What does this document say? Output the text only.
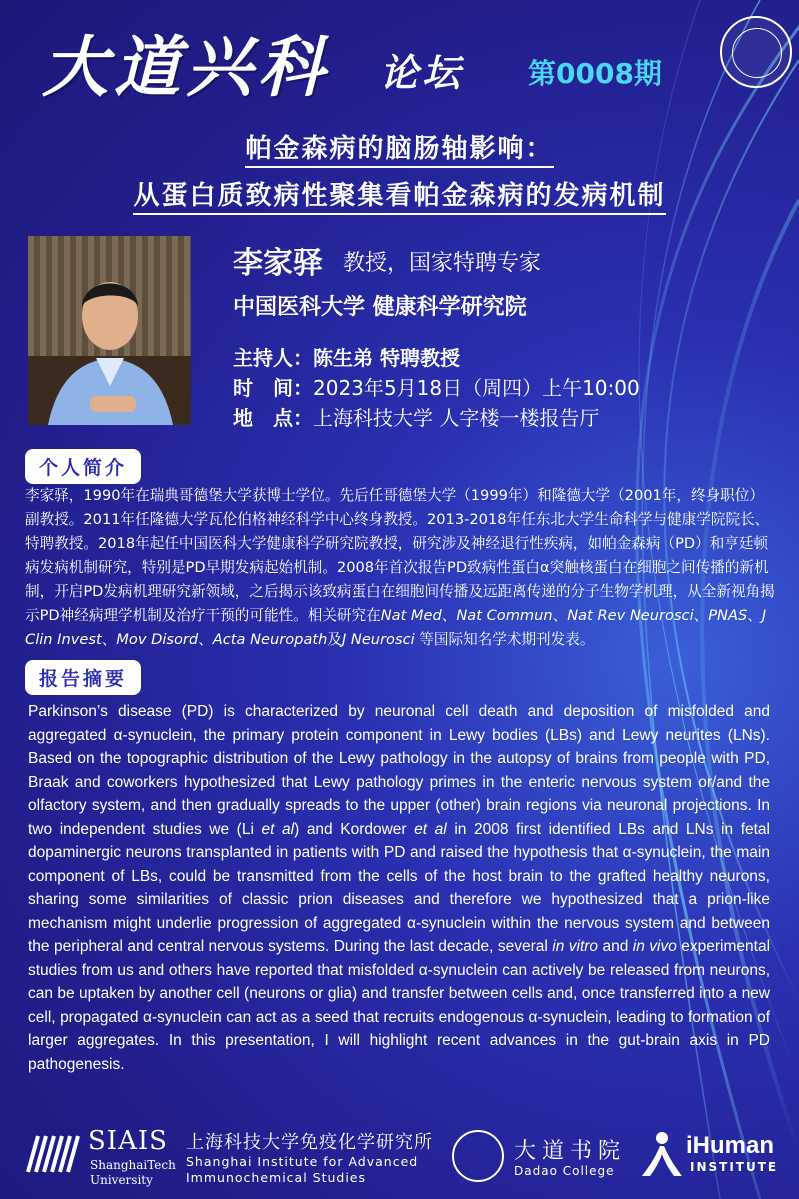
大道兴科 论坛 第0008期
帕金森病的脑肠轴影响：
从蛋白质致病性聚集看帕金森病的发病机制
李家驿 教授，国家特聘专家
中国医科大学 健康科学研究院
主持人：陈生弟 特聘教授
时　间：2023年5月18日（周四）上午10:00
地　点：上海科技大学 人字楼一楼报告厅
个人简介
李家驿，1990年在瑞典哥德堡大学获博士学位。先后任哥德堡大学（1999年）和隆德大学（2001年，终身职位）副教授。2011年任隆德大学瓦伦伯格神经科学中心终身教授。2013-2018年任东北大学生命科学与健康学院院长、特聘教授。2018年起任中国医科大学健康科学研究院教授，研究涉及神经退行性疾病，如帕金森病（PD）和亨廷顿病发病机制研究，特别是PD早期发病起始机制。2008年首次报告PD致病性蛋白α突触核蛋白在细胞之间传播的新机制，开启PD发病机理研究新领域，之后揭示该致病蛋白在细胞间传播及远距离传递的分子生物学机理，从全新视角揭示PD神经病理学机制及治疗干预的可能性。相关研究在Nat Med、Nat Commun、Nat Rev Neurosci、PNAS、J Clin Invest、Mov Disord、Acta Neuropath及J Neurosci 等国际知名学术期刊发表。
报告摘要
Parkinson’s disease (PD) is characterized by neuronal cell death and deposition of misfolded and aggregated α-synuclein, the primary protein component in Lewy bodies (LBs) and Lewy neurites (LNs). Based on the topographic distribution of the Lewy pathology in the autopsy of brains from people with PD, Braak and coworkers hypothesized that Lewy pathology primes in the enteric nervous system or/and the olfactory system, and then gradually spreads to the upper (other) brain regions via neuronal projections. In two independent studies we (Li et al) and Kordower et al in 2008 first identified LBs and LNs in fetal dopaminergic neurons transplanted in patients with PD and raised the hypothesis that α-synuclein, the main component of LBs, could be transmitted from the cells of the host brain to the grafted healthy neurons, sharing some similarities of classic prion diseases and therefore we hypothesized that a prion-like mechanism might underlie progression of aggregated α-synuclein within the nervous system and between the peripheral and central nervous systems. During the last decade, several in vitro and in vivo experimental studies from us and others have reported that misfolded α-synuclein can actively be released from neurons, can be uptaken by another cell (neurons or glia) and transfer between cells and, once transferred into a new cell, propagated α-synuclein can act as a seed that recruits endogenous α-synuclein, leading to formation of larger aggregates. In this presentation, I will highlight recent advances in the gut-brain axis in PD pathogenesis.
SIAIS
ShanghaiTech
University
上海科技大学免疫化学研究所
Shanghai Institute for Advanced
Immunochemical Studies
大道书院
Dadao College
iHuman
INSTITUTE
